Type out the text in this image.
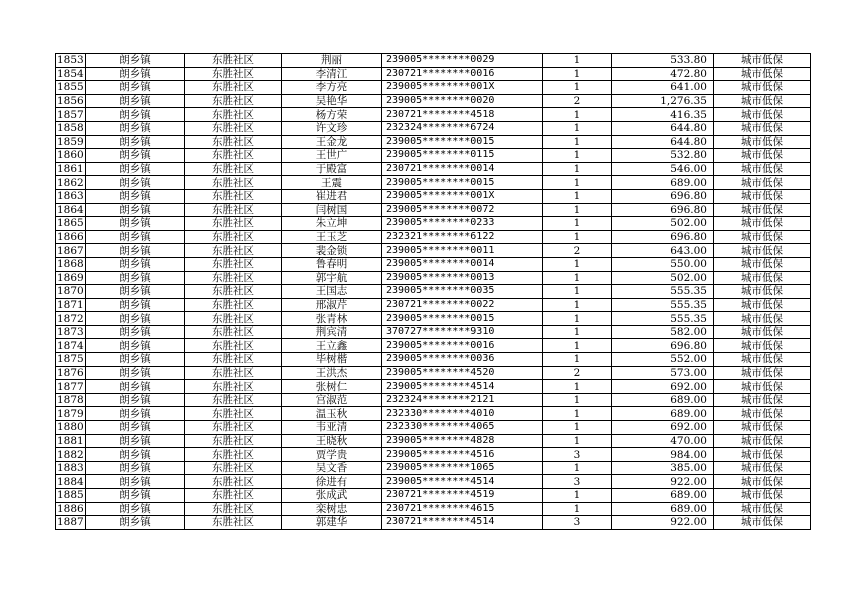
1853	朗乡镇	东胜社区	荆丽	239005********0029	1	533.80	城市低保
1854	朗乡镇	东胜社区	李清江	230721********0016	1	472.80	城市低保
1855	朗乡镇	东胜社区	李方亮	239005********001X	1	641.00	城市低保
1856	朗乡镇	东胜社区	吴艳华	239005********0020	2	1,276.35	城市低保
1857	朗乡镇	东胜社区	杨方荣	230721********4518	1	416.35	城市低保
1858	朗乡镇	东胜社区	许文珍	232324********6724	1	644.80	城市低保
1859	朗乡镇	东胜社区	王金龙	239005********0015	1	644.80	城市低保
1860	朗乡镇	东胜社区	王世广	239005********0115	1	532.80	城市低保
1861	朗乡镇	东胜社区	于殿富	230721********0014	1	546.00	城市低保
1862	朗乡镇	东胜社区	王震	239005********0015	1	689.00	城市低保
1863	朗乡镇	东胜社区	崔进君	239005********001X	1	696.80	城市低保
1864	朗乡镇	东胜社区	闫树国	239005********0072	1	696.80	城市低保
1865	朗乡镇	东胜社区	朱立坤	239005********0233	1	502.00	城市低保
1866	朗乡镇	东胜社区	王玉芝	232321********6122	1	696.80	城市低保
1867	朗乡镇	东胜社区	裴金锁	239005********0011	2	643.00	城市低保
1868	朗乡镇	东胜社区	鲁春明	239005********0014	1	550.00	城市低保
1869	朗乡镇	东胜社区	郭宇航	239005********0013	1	502.00	城市低保
1870	朗乡镇	东胜社区	王国志	239005********0035	1	555.35	城市低保
1871	朗乡镇	东胜社区	邢淑芹	230721********0022	1	555.35	城市低保
1872	朗乡镇	东胜社区	张青林	239005********0015	1	555.35	城市低保
1873	朗乡镇	东胜社区	荆宾清	370727********9310	1	582.00	城市低保
1874	朗乡镇	东胜社区	王立鑫	239005********0016	1	696.80	城市低保
1875	朗乡镇	东胜社区	毕树楷	239005********0036	1	552.00	城市低保
1876	朗乡镇	东胜社区	王洪杰	239005********4520	2	573.00	城市低保
1877	朗乡镇	东胜社区	张树仁	239005********4514	1	692.00	城市低保
1878	朗乡镇	东胜社区	宫淑范	232324********2121	1	689.00	城市低保
1879	朗乡镇	东胜社区	温玉秋	232330********4010	1	689.00	城市低保
1880	朗乡镇	东胜社区	韦亚清	232330********4065	1	692.00	城市低保
1881	朗乡镇	东胜社区	王晓秋	239005********4828	1	470.00	城市低保
1882	朗乡镇	东胜社区	贾学贵	239005********4516	3	984.00	城市低保
1883	朗乡镇	东胜社区	吴文香	239005********1065	1	385.00	城市低保
1884	朗乡镇	东胜社区	徐进有	239005********4514	3	922.00	城市低保
1885	朗乡镇	东胜社区	张成武	230721********4519	1	689.00	城市低保
1886	朗乡镇	东胜社区	栾树忠	230721********4615	1	689.00	城市低保
1887	朗乡镇	东胜社区	郭建华	230721********4514	3	922.00	城市低保
